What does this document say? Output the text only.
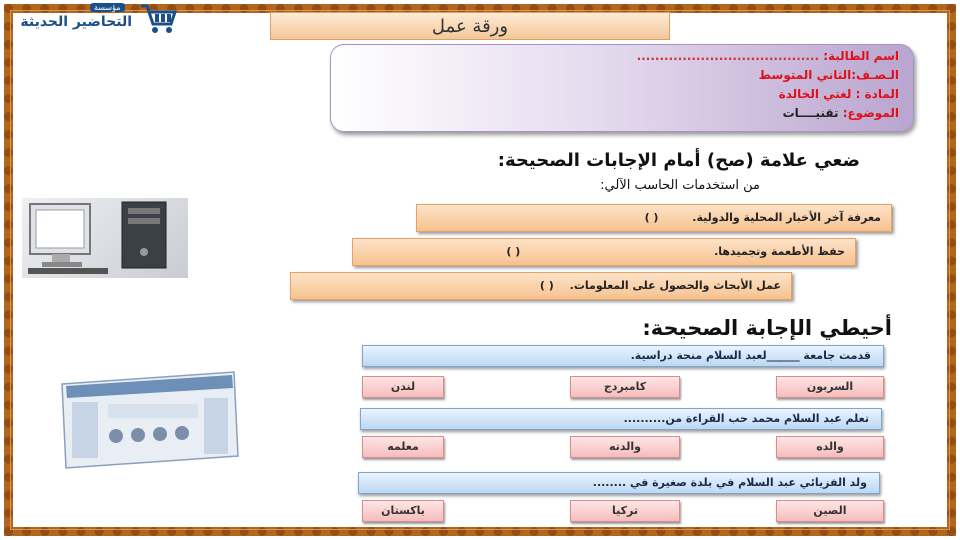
مؤسسة
التحاضير الحديثة	ورقة عمل
اسم الطالبة: ........................................
الـصـف:الثاني المتوسط
المادة : لغتي الخالدة
الموضوع: تقنيــــات
ضعي علامة (صح) أمام الإجابات الصحيحة:
من استخدمات الحاسب الآلي:
معرفة آخر الأخبار المحلية والدولية. ( )
حفظ الأطعمة وتجميدها. ( )
عمل الأبحاث والحصول على المعلومات. ( )
أحيطي الإجابة الصحيحة:
قدمت جامعة ______لعبد السلام منحة دراسية.
السربون
كامبردج
لندن
تعلم عبد السلام محمد حب القراءة من..........
والده
والدته
معلمه
ولد الفزيائي عبد السلام في بلدة صغيرة في ........
الصين
تركيا
باكستان
